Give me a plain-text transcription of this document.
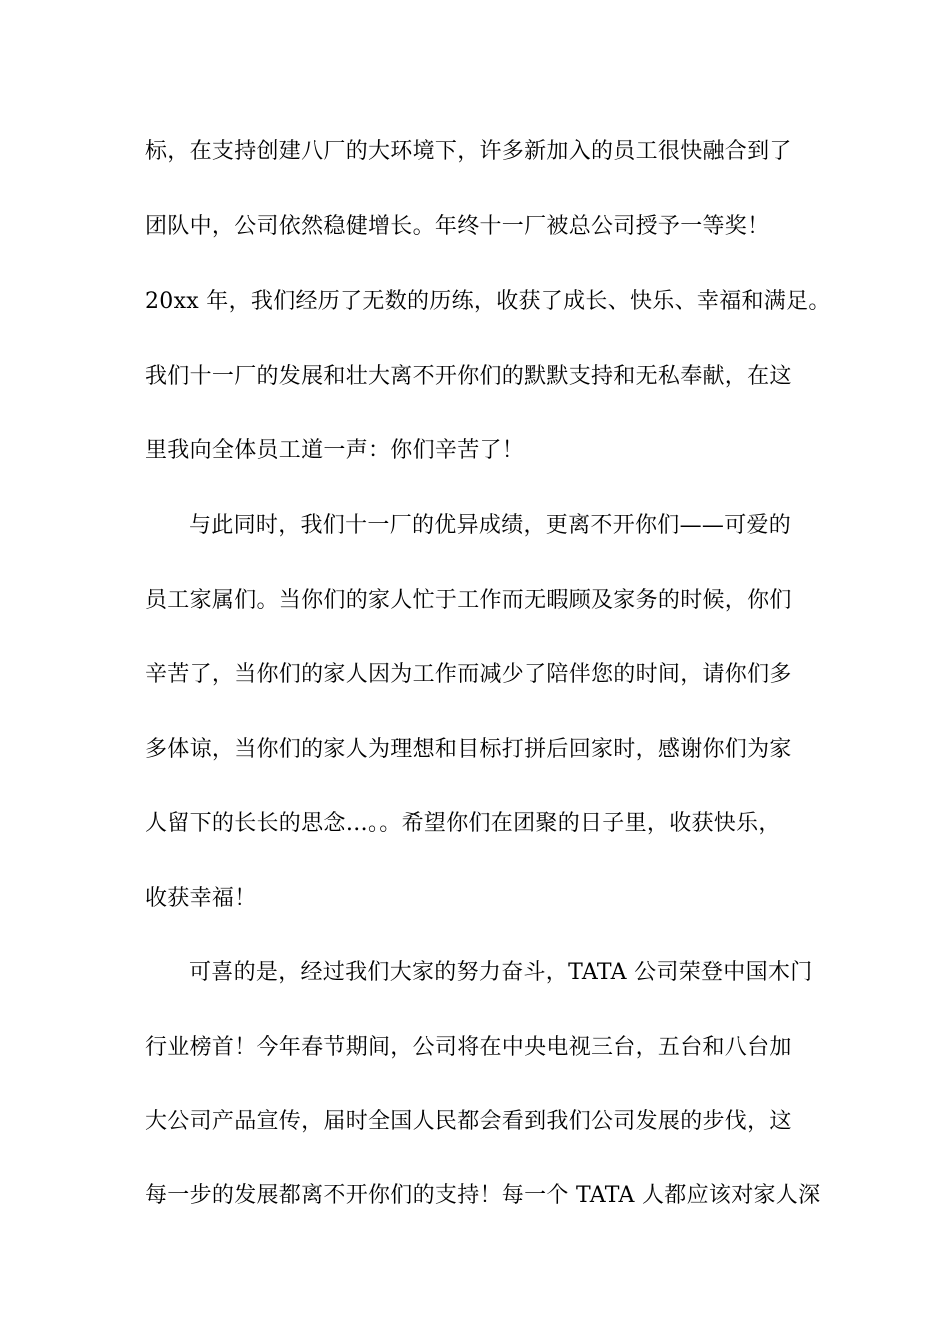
标，在支持创建八厂的大环境下，许多新加入的员工很快融合到了
团队中，公司依然稳健增长。年终十一厂被总公司授予一等奖！
20xx 年，我们经历了无数的历练，收获了成长、快乐、幸福和满足。
我们十一厂的发展和壮大离不开你们的默默支持和无私奉献，在这
里我向全体员工道一声：你们辛苦了！
与此同时，我们十一厂的优异成绩，更离不开你们——可爱的
员工家属们。当你们的家人忙于工作而无暇顾及家务的时候，你们
辛苦了，当你们的家人因为工作而减少了陪伴您的时间，请你们多
多体谅，当你们的家人为理想和目标打拼后回家时，感谢你们为家
人留下的长长的思念…。。希望你们在团聚的日子里，收获快乐，
收获幸福！
可喜的是，经过我们大家的努力奋斗，TATA 公司荣登中国木门
行业榜首！今年春节期间，公司将在中央电视三台，五台和八台加
大公司产品宣传，届时全国人民都会看到我们公司发展的步伐，这
每一步的发展都离不开你们的支持！每一个 TATA 人都应该对家人深
